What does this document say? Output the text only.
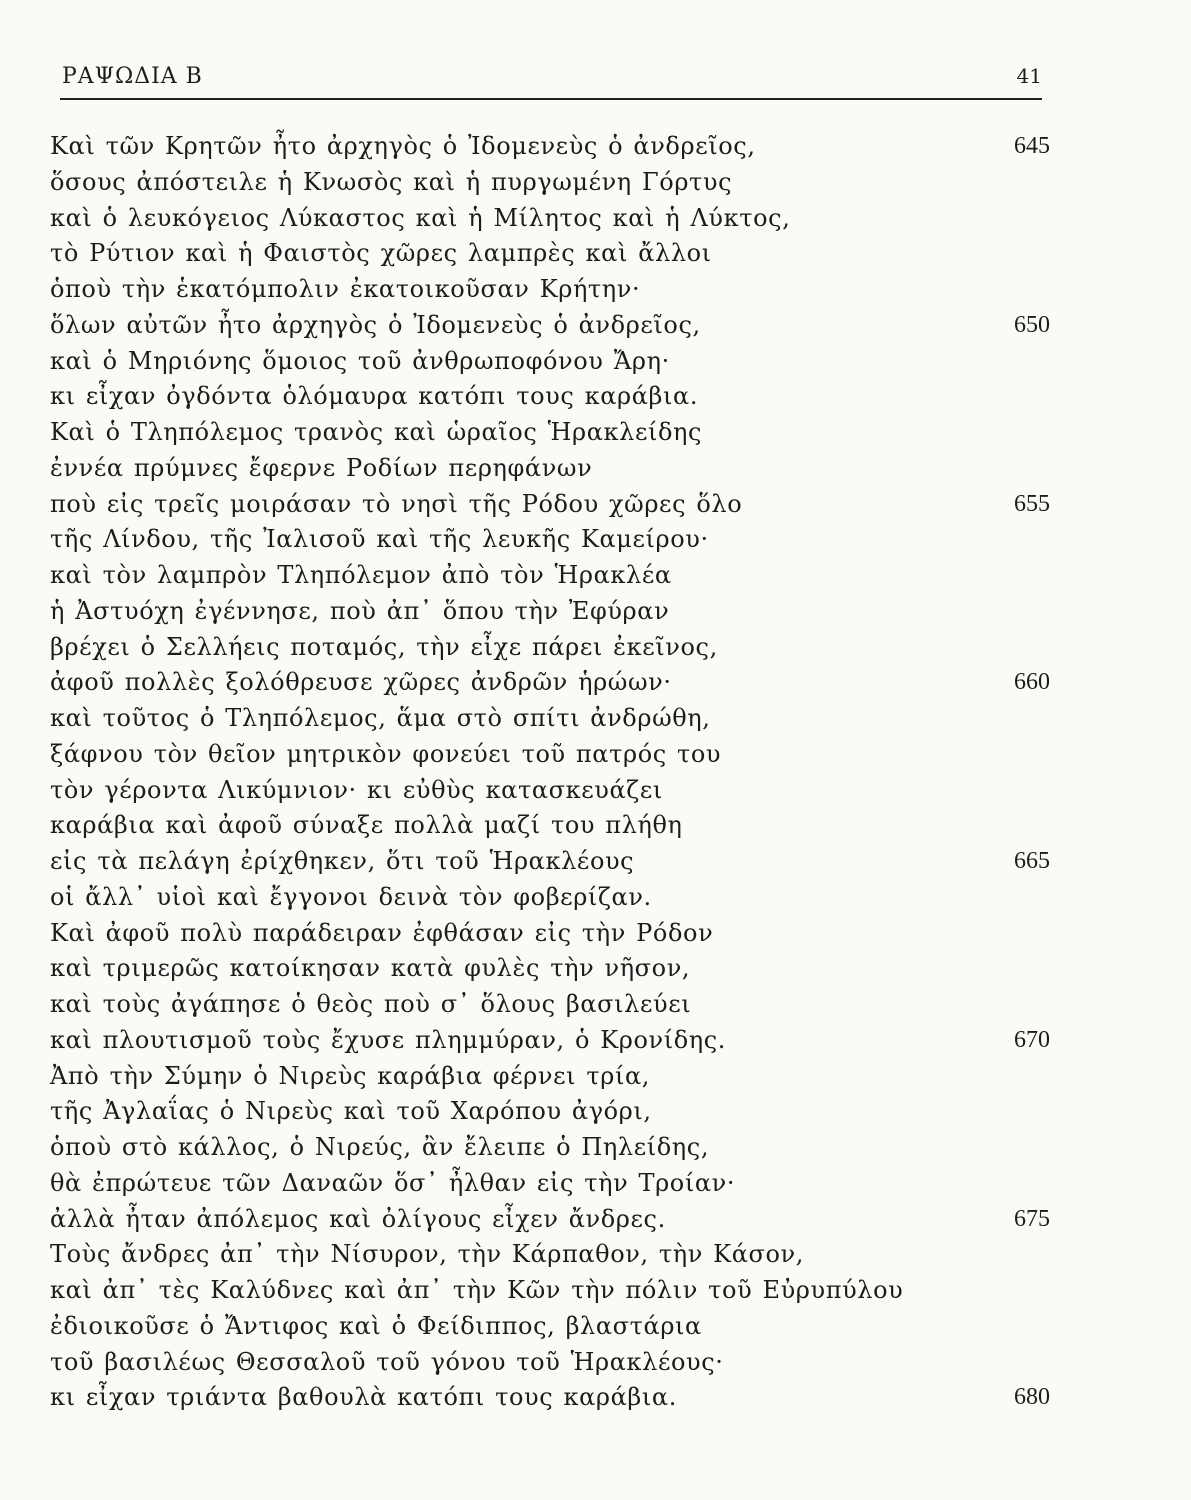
ΡΑΨΩΔΙΑ Β	41
Καὶ τῶν Κρητῶν ἦτο ἀρχηγὸς ὁ Ἰδομενεὺς ὁ ἀνδρεῖος,	645
ὅσους ἀπόστειλε ἡ Κνωσὸς καὶ ἡ πυργωμένη Γόρτυς
καὶ ὁ λευκόγειος Λύκαστος καὶ ἡ Μίλητος καὶ ἡ Λύκτος,
τὸ Ρύτιον καὶ ἡ Φαιστὸς χῶρες λαμπρὲς καὶ ἄλλοι
ὁποὺ τὴν ἑκατόμπολιν ἐκατοικοῦσαν Κρήτην·
ὅλων αὐτῶν ἦτο ἀρχηγὸς ὁ Ἰδομενεὺς ὁ ἀνδρεῖος,	650
καὶ ὁ Μηριόνης ὅμοιος τοῦ ἀνθρωποφόνου Ἄρη·
κι εἶχαν ὀγδόντα ὁλόμαυρα κατόπι τους καράβια.
Καὶ ὁ Τληπόλεμος τρανὸς καὶ ὡραῖος Ἡρακλείδης
ἐννέα πρύμνες ἔφερνε Ροδίων περηφάνων
ποὺ εἰς τρεῖς μοιράσαν τὸ νησὶ τῆς Ρόδου χῶρες ὅλο	655
τῆς Λίνδου, τῆς Ἰαλισοῦ καὶ τῆς λευκῆς Καμείρου·
καὶ τὸν λαμπρὸν Τληπόλεμον ἀπὸ τὸν Ἡρακλέα
ἡ Ἀστυόχη ἐγέννησε, ποὺ ἀπ᾿ ὅπου τὴν Ἐφύραν
βρέχει ὁ Σελλήεις ποταμός, τὴν εἶχε πάρει ἐκεῖνος,
ἀφοῦ πολλὲς ξολόθρευσε χῶρες ἀνδρῶν ἡρώων·	660
καὶ τοῦτος ὁ Τληπόλεμος, ἅμα στὸ σπίτι ἀνδρώθη,
ξάφνου τὸν θεῖον μητρικὸν φονεύει τοῦ πατρός του
τὸν γέροντα Λικύμνιον· κι εὐθὺς κατασκευάζει
καράβια καὶ ἀφοῦ σύναξε πολλὰ μαζί του πλήθη
εἰς τὰ πελάγη ἐρίχθηκεν, ὅτι τοῦ Ἡρακλέους	665
οἱ ἄλλ᾿ υἱοὶ καὶ ἔγγονοι δεινὰ τὸν φοβερίζαν.
Καὶ ἀφοῦ πολὺ παράδειραν ἐφθάσαν εἰς τὴν Ρόδον
καὶ τριμερῶς κατοίκησαν κατὰ φυλὲς τὴν νῆσον,
καὶ τοὺς ἀγάπησε ὁ θεὸς ποὺ σ᾿ ὅλους βασιλεύει
καὶ πλουτισμοῦ τοὺς ἔχυσε πλημμύραν, ὁ Κρονίδης.	670
Ἀπὸ τὴν Σύμην ὁ Νιρεὺς καράβια φέρνει τρία,
τῆς Ἀγλαΐας ὁ Νιρεὺς καὶ τοῦ Χαρόπου ἀγόρι,
ὁποὺ στὸ κάλλος, ὁ Νιρεύς, ἂν ἔλειπε ὁ Πηλείδης,
θὰ ἐπρώτευε τῶν Δαναῶν ὅσ᾿ ἦλθαν εἰς τὴν Τροίαν·
ἀλλὰ ἦταν ἀπόλεμος καὶ ὀλίγους εἶχεν ἄνδρες.	675
Τοὺς ἄνδρες ἀπ᾿ τὴν Νίσυρον, τὴν Κάρπαθον, τὴν Κάσον,
καὶ ἀπ᾿ τὲς Καλύδνες καὶ ἀπ᾿ τὴν Κῶν τὴν πόλιν τοῦ Εὐρυπύλου
ἐδιοικοῦσε ὁ Ἄντιφος καὶ ὁ Φείδιππος, βλαστάρια
τοῦ βασιλέως Θεσσαλοῦ τοῦ γόνου τοῦ Ἡρακλέους·
κι εἶχαν τριάντα βαθουλὰ κατόπι τους καράβια.	680
